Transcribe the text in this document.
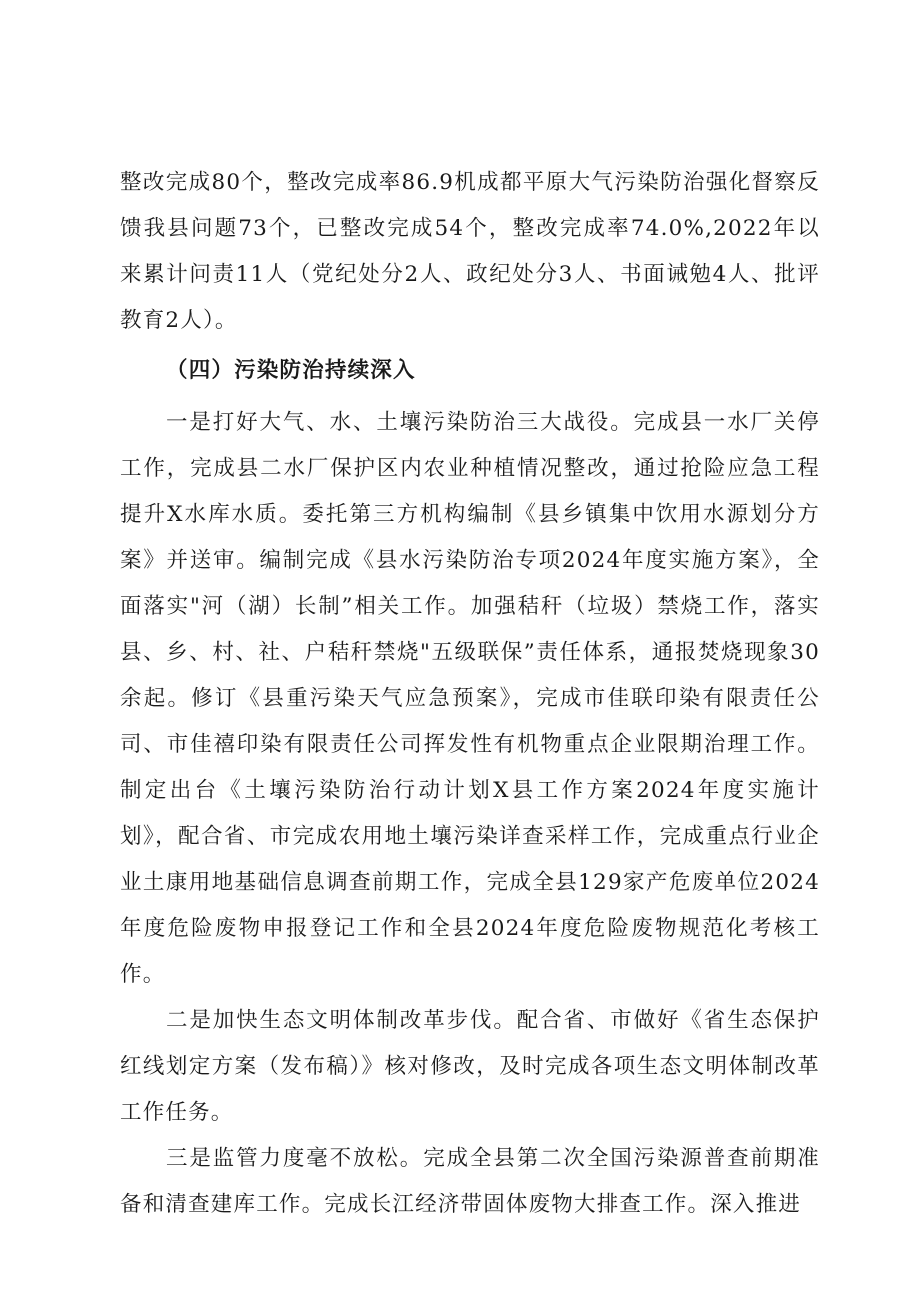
整改完成80个，整改完成率86.9机成都平原大气污染防治强化督察反馈我县问题73个，已整改完成54个，整改完成率74.0%,2022年以来累计问责11人（党纪处分2人、政纪处分3人、书面诫勉4人、批评教育2人）。

（四）污染防治持续深入

一是打好大气、水、土壤污染防治三大战役。完成县一水厂关停工作，完成县二水厂保护区内农业种植情况整改，通过抢险应急工程提升X水库水质。委托第三方机构编制《县乡镇集中饮用水源划分方案》并送审。编制完成《县水污染防治专项2024年度实施方案》，全面落实"河（湖）长制”相关工作。加强秸秆（垃圾）禁烧工作，落实县、乡、村、社、户秸秆禁烧"五级联保”责任体系，通报焚烧现象30余起。修订《县重污染天气应急预案》，完成市佳联印染有限责任公司、市佳禧印染有限责任公司挥发性有机物重点企业限期治理工作。制定出台《土壤污染防治行动计划X县工作方案2024年度实施计划》，配合省、市完成农用地土壤污染详查采样工作，完成重点行业企业土康用地基础信息调查前期工作，完成全县129家产危废单位2024年度危险废物申报登记工作和全县2024年度危险废物规范化考核工作。

二是加快生态文明体制改革步伐。配合省、市做好《省生态保护红线划定方案（发布稿）》核对修改，及时完成各项生态文明体制改革工作任务。

三是监管力度毫不放松。完成全县第二次全国污染源普查前期准备和清查建库工作。完成长江经济带固体废物大排查工作。深入推进
